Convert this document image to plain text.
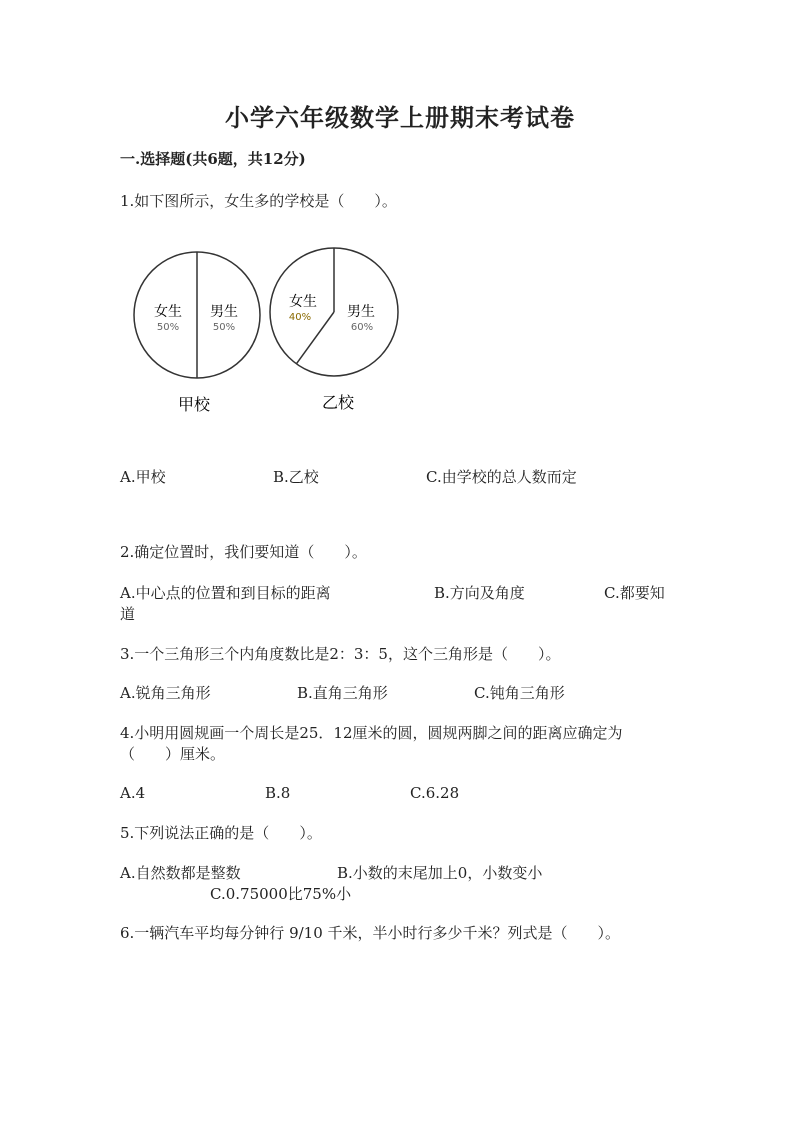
小学六年级数学上册期末考试卷
一.选择题(共6题，共12分)
1.如下图所示，女生多的学校是（　　）。
女生
50%
男生
50%
甲校
女生
40%	男生
60%
乙校
A.甲校	B.乙校	C.由学校的总人数而定
2.确定位置时，我们要知道（　　）。
A.中心点的位置和到目标的距离	B.方向及角度	C.都要知
道
3.一个三角形三个内角度数比是2：3：5，这个三角形是（　　）。
A.锐角三角形	B.直角三角形	C.钝角三角形
4.小明用圆规画一个周长是25．12厘米的圆，圆规两脚之间的距离应确定为
（　　）厘米。
A.4	B.8	C.6.28
5.下列说法正确的是（　　）。
A.自然数都是整数	B.小数的末尾加上0，小数变小
C.0.75000比75%小
6.一辆汽车平均每分钟行 9/10 千米，半小时行多少千米？列式是（　　）。
